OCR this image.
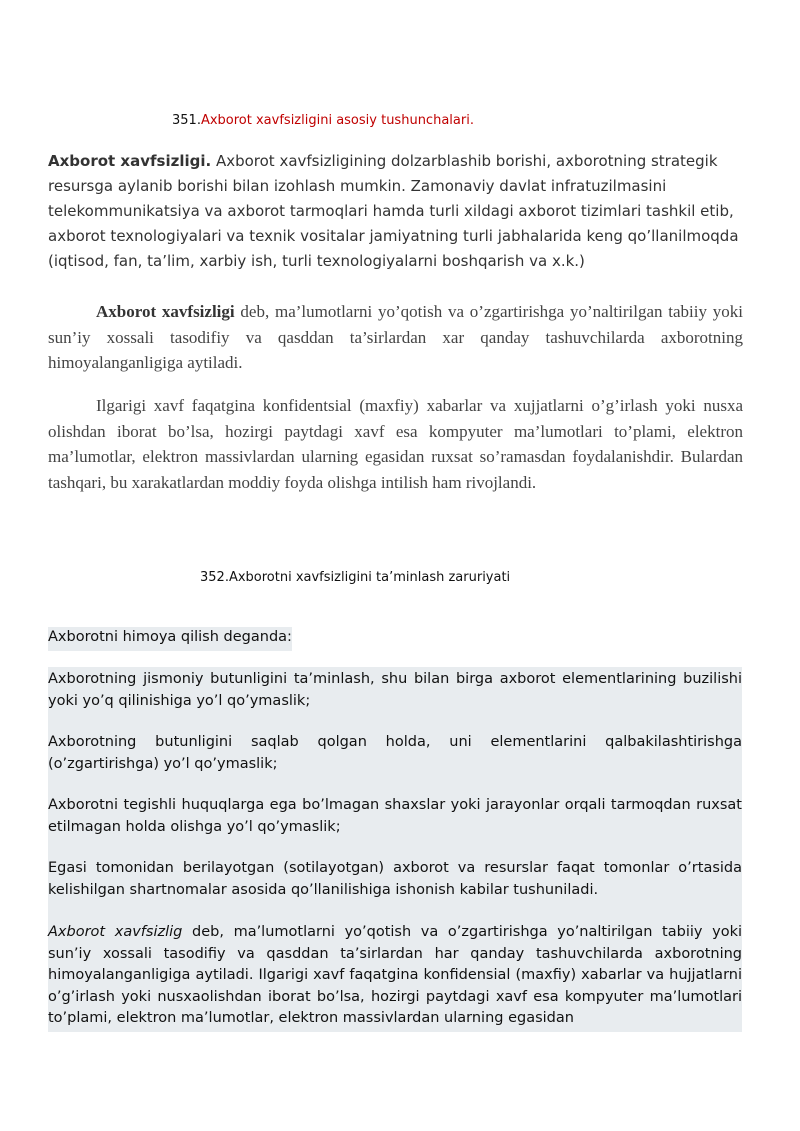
351.Axborot xavfsizligini asosiy tushunchalari.
Axborot xavfsizligi. Axborot xavfsizligining dolzarblashib borishi, axborotning strategik resursga aylanib borishi bilan izohlash mumkin. Zamonaviy davlat infratuzilmasini telekommunikatsiya va axborot tarmoqlari hamda turli xildagi axborot tizimlari tashkil etib, axborot texnologiyalari va texnik vositalar jamiyatning turli jabhalarida keng qo’llanilmoqda (iqtisod, fan, ta’lim, xarbiy ish, turli texnologiyalarni boshqarish va x.k.)

Axborot xavfsizligi deb, ma’lumotlarni yo’qotish va o’zgartirishga yo’naltirilgan tabiiy yoki sun’iy xossali tasodifiy va qasddan ta’sirlardan xar qanday tashuvchilarda axborotning himoyalanganligiga aytiladi.

Ilgarigi xavf faqatgina konfidentsial (maxfiy) xabarlar va xujjatlarni o’g’irlash yoki nusxa olishdan iborat bo’lsa, hozirgi paytdagi xavf esa kompyuter ma’lumotlari to’plami, elektron ma’lumotlar, elektron massivlardan ularning egasidan ruxsat so’ramasdan foydalanishdir. Bulardan tashqari, bu xarakatlardan moddiy foyda olishga intilish ham rivojlandi.

352.Axborotni xavfsizligini ta’minlash zaruriyati

Axborotni himoya qilish deganda:

Axborotning jismoniy butunligini ta’minlash, shu bilan birga axborot elementlarining buzilishi yoki yo’q qilinishiga yo’l qo’ymaslik;

Axborotning butunligini saqlab qolgan holda, uni elementlarini qalbakilashtirishga (o’zgartirishga) yo’l qo’ymaslik;

Axborotni tegishli huquqlarga ega bo’lmagan shaxslar yoki jarayonlar orqali tarmoqdan ruxsat etilmagan holda olishga yo’l qo’ymaslik;

Egasi tomonidan berilayotgan (sotilayotgan) axborot va resurslar faqat tomonlar o’rtasida kelishilgan shartnomalar asosida qo’llanilishiga ishonish kabilar tushuniladi.

Axborot xavfsizlig deb, ma’lumotlarni yo’qotish va o’zgartirishga yo’naltirilgan tabiiy yoki sun’iy xossali tasodifiy va qasddan ta’sirlardan har qanday tashuvchilarda axborotning himoyalanganligiga aytiladi. Ilgarigi xavf faqatgina konfidensial (maxfiy) xabarlar va hujjatlarni o’g’irlash yoki nusxaolishdan iborat bo’lsa, hozirgi paytdagi xavf esa kompyuter ma’lumotlari to’plami, elektron ma’lumotlar, elektron massivlardan ularning egasidan
